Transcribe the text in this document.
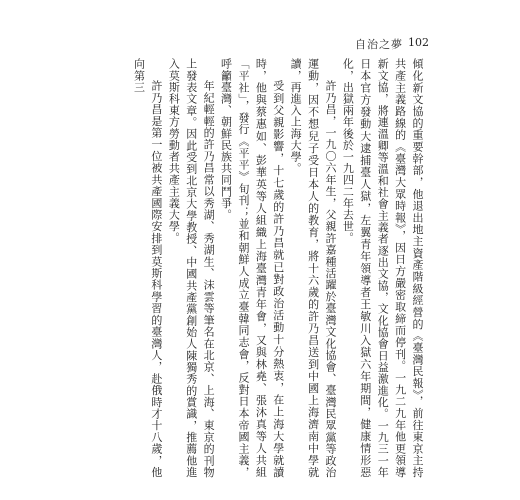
自治之夢 102

傾化新文協的重要幹部，他退出地主資產階級經營的《臺灣民報》，前往東京主持共產主義路線的《臺灣大眾時報》，因日方嚴密取締而停刊。一九二九年他更領導新文協，將連溫卿等溫和社會主義者逐出文協，文化協會日益激進化。一九三一年日本官方發動大逮捕臺人獄，左翼青年領導者王敏川入獄六年期間，健康情形惡化，出獄兩年後於一九四二年去世。

許乃昌，一九〇六年生，父親許嘉種活躍於臺灣文化協會、臺灣民眾黨等政治運動，因不想兒子受日本人的教育，將十六歲的許乃昌送到中國上海濟南中學就讀，再進入上海大學。

受到父親影響，十七歲的許乃昌就已對政治活動十分熱衷，在上海大學就讀時，他與蔡惠如、彭華英等人組織上海臺灣青年會，又與林堯、張沐真等人共組「平社」，發行《平平》旬刊；並和朝鮮人成立臺韓同志會，反對日本帝國主義，呼籲臺灣、朝鮮民族共同鬥爭。

年紀輕輕的許乃昌常以秀湖、秀湖生、沫雲等筆名在北京、上海、東京的刊物上發表文章。因此受到北京大學教授、中國共產黨創始人陳獨秀的賞識，推薦他進入莫斯科東方勞動者共產主義大學。

許乃昌是第一位被共產國際安排到莫斯科學習的臺灣人，赴俄時才十八歲，他向第三
